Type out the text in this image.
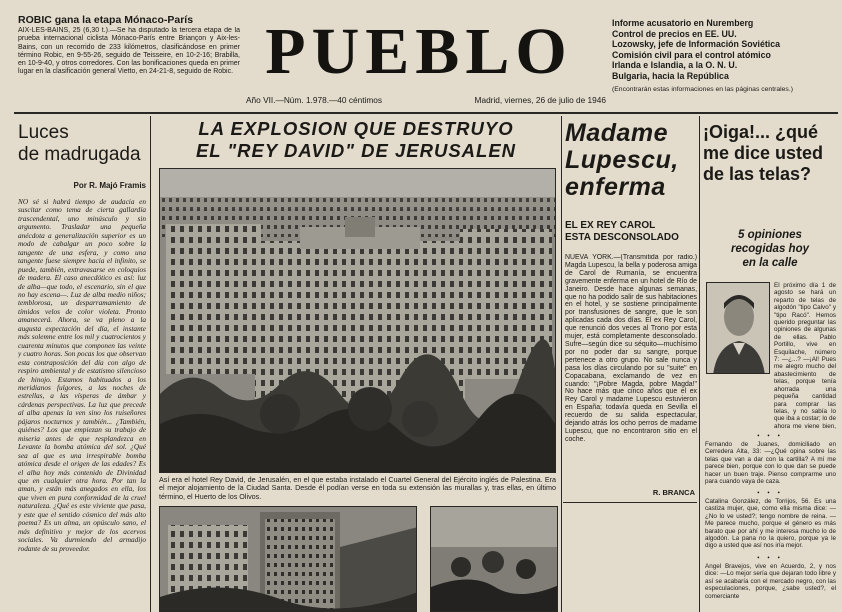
ROBIC gana la etapa Mónaco-París
AIX-LES-BAINS, 25 (6,30 t.).—Se ha disputado la tercera etapa de la prueba internacional ciclista Mónaco-París entre Briançon y Aix-les-Bains, con un recorrido de 233 kilómetros, clasificándose en primer término Robic, en 9-55-26, seguido de Teisseire, en 10-2-16; Brabilla, en 10-9-40, y otros corredores. Con las bonificaciones queda en primer lugar en la clasificación general Vietto, en 24-21-8, seguido de Robic. PUEBLO
Año VII.—Núm. 1.978.—40 céntimos	Madrid, viernes, 26 de julio de 1946
Informe acusatorio en Nuremberg
Control de precios en EE. UU.
Lozowsky, jefe de Información Soviética
Comisión civil para el control atómico
Irlanda e Islandia, a la O. N. U.
Bulgaria, hacia la República
(Encontrarán estas informaciones en las páginas centrales.)
Luces
de madrugada
Por R. Majó Framis
NO sé si habrá tiempo de audacia en suscitar como tema de cierta gallardía trascendental, uno minúsculo y sin argumento. Trasladar una pequeña anécdota a generalización superior es un modo de cabalgar un poco sobre la tangente de una esfera, y como una tangente fuese siempre hacia el infinito, se puede, también, extravasarse en coloquios de madera. El caso anecdótico es así: luz de alba—que todo, el escenario, sin el que no hay escena—. Luz de alba medio niños; temblorosa, un desparramamiento de tímidos velos de color violeta. Pronto amanecerá. Ahora, se va pleno a la augusta expectación del día, el instante más solemne entre los mil y cuatrocientos y cuarenta minutos que componen las veinte y cuatro horas. Son pocas los que observan esta contraposición del día con algo de respiro ambiental y de estatismo silencioso de hinojo. Estamos habituados a los meridianos fulgores, a las noches de estrellas, a las vísperas de ámbar y cárdenas perspectivas. La luz que precede al alba apenas la ven sino los ruiseñores pájaros nocturnos y también... ¿También, quiénes? Los que empiezan su trabajo de miseria antes de que resplandezca en Levante la bomba atómica del sol. ¿Qué sea al que es una irrespirable bomba atómica desde el origen de las edades? Es el alba hoy más contenido de Divinidad que en cualquier otra hora. Por tan la aman, y están más anegados en ella, los que viven en pura conformidad de la cruel naturaleza. ¿Qué es este viviente que pasa, y este que el sentido cósmico del más alto poema? Es un alma, un opúsculo sano, el más definitivo y mejor de los acervos sociales. Va durmiendo del armadijo rodante de su proveedor.
LA EXPLOSION QUE DESTRUYO
EL "REY DAVID" DE JERUSALEN
Así era el hotel Rey David, de Jerusalén, en el que estaba instalado el Cuartel General del Ejército inglés de Palestina. Era el mejor alojamiento de la Ciudad Santa. Desde él podían verse en toda su extensión las murallas y, tras ellas, en último término, el Huerto de los Olivos.
Madame
Lupescu,
enferma
EL EX REY CAROL
ESTA DESCONSOLADO
NUEVA YORK.—(Transmitida por radio.) Magda Lupescu, la bella y poderosa amiga de Carol de Rumanía, se encuentra gravemente enferma en un hotel de Río de Janeiro. Desde hace algunas semanas, que no ha podido salir de sus habitaciones en el hotel, y se sostiene principalmente por transfusiones de sangre, que le son aplicadas cada dos días. El ex Rey Carol, que renunció dos veces al Trono por esta mujer, está completamente desconsolado. Sufre—según dice su séquito—muchísimo por no poder dar su sangre, porque pertenece a otro grupo. No sale nunca y pasa los días circulando por su "suite" en Copacabana, exclamando de vez en cuando: "¡Pobre Magda, pobre Magda!" No hace más que cinco años que el ex Rey Carol y madame Lupescu estuvieron en España; todavía queda en Sevilla el recuerdo de su salida espectacular, dejando atrás los ocho perros de madame Lupescu, que no encontraron sitio en el coche.
R. BRANCA
¡Oiga!... ¿qué
me dice usted
de las telas?
5 opiniones
recogidas hoy
en la calle
El próximo día 1 de agosto se hará un reparto de telas de algodón "tipo Calvo" y "tipo Racó". Hemos querido preguntar las opiniones de algunas de ellas. Pablo Portillo, vive en Esquilache, número 7: —¿...? —¡Al! Pues me alegro mucho del abastecimiento de telas, porque tenía ahorrada una pequeña cantidad para comprar las telas, y no sabía lo que iba a costar; lo de ahora me viene bien,
• • •
Fernando de Juanes, domiciliado en Cerredera Alta, 33: —¿Qué opina sobre las telas que van a dar con la cartilla? A mí me parece bien, porque con lo que dan se puede hacer un buen traje. Pienso comprarme uno para cuando vaya de caza.
• • •
Catalina González, de Torrijos, 56. Es una castiza mujer, que, como ella misma dice: —¿No lo ve usted?; tengo nombre de reina. —Me parece mucho, porque el género es más barato que por ahí y me interesa mucho lo de algodón. La pana no la quiero, porque ya le digo a usted que así nos iría mejor.
• • •
Angel Bravejos, vive en Acuerdo, 2, y nos dice: —Lo mejor sería que dejaran todo libre y así se acabaría con el mercado negro, con las especulaciones, porque, ¿sabe usted?, el comerciante
